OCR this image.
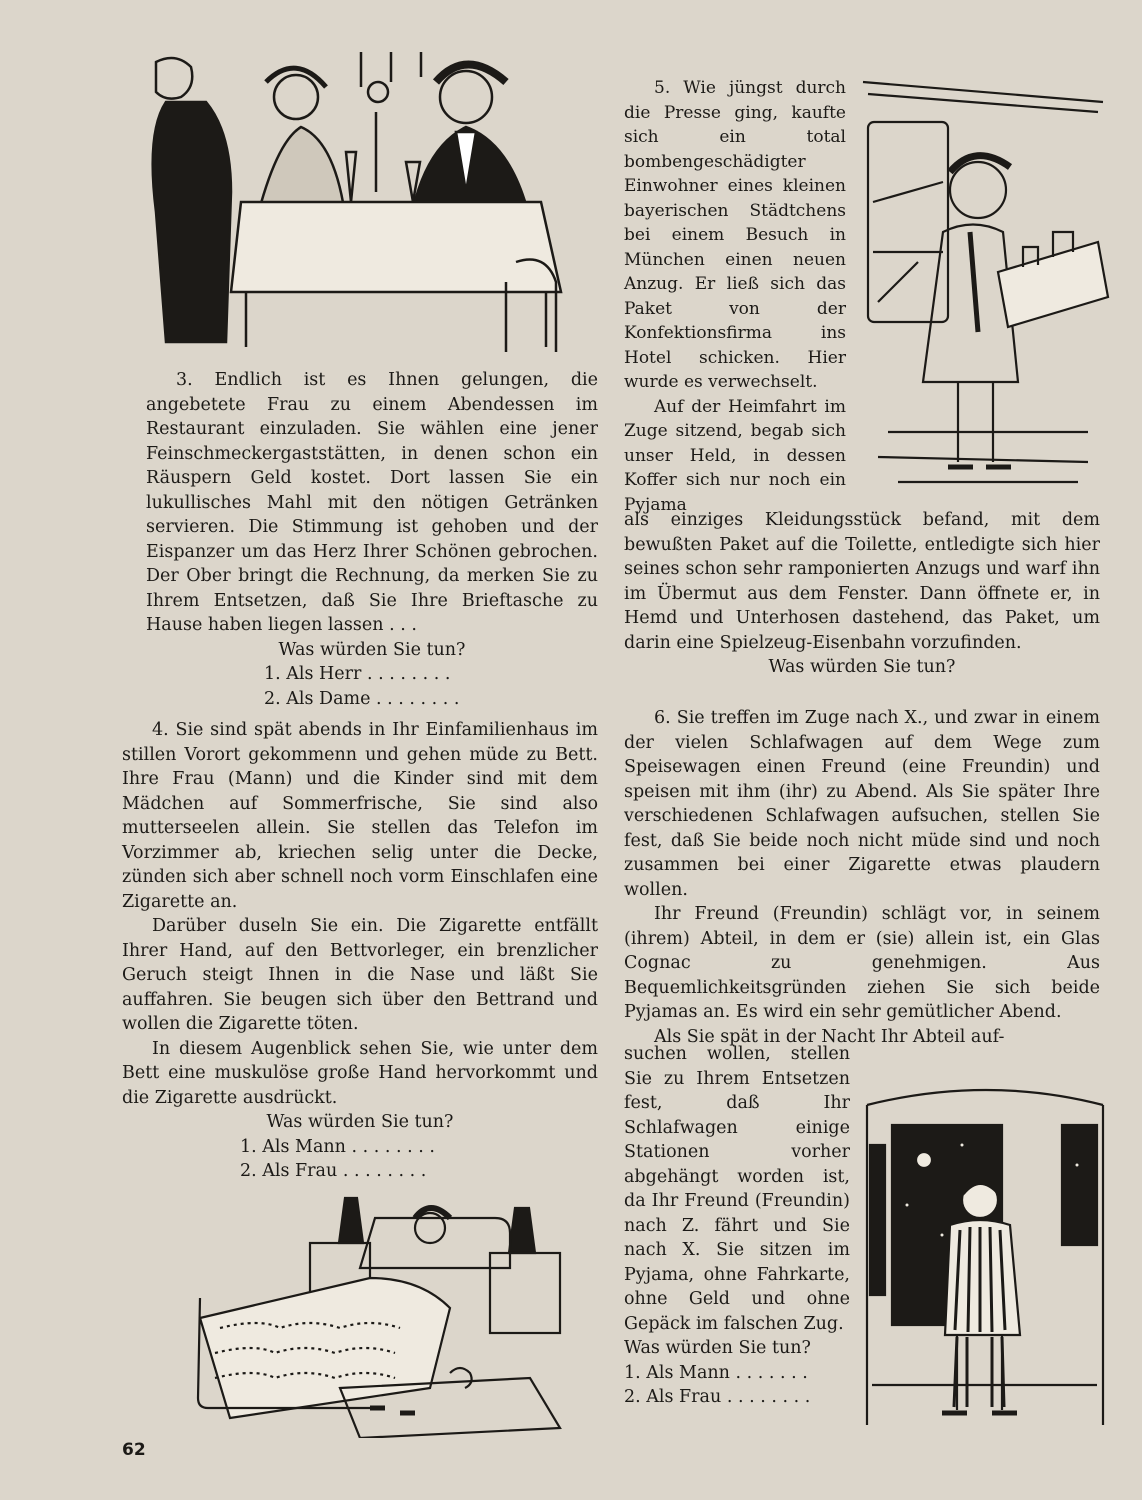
3. Endlich ist es Ihnen gelungen, die angebetete Frau zu einem Abendessen im Restaurant einzuladen. Sie wählen eine jener Feinschmeckergaststätten, in denen schon ein Räuspern Geld kostet. Dort lassen Sie ein lukullisches Mahl mit den nötigen Getränken servieren. Die Stimmung ist gehoben und der Eispanzer um das Herz Ihrer Schönen gebrochen. Der Ober bringt die Rechnung, da merken Sie zu Ihrem Entsetzen, daß Sie Ihre Brieftasche zu Hause haben liegen lassen . . .

Was würden Sie tun?

1. Als Herr . . . . . . . .

2. Als Dame . . . . . . . .

4. Sie sind spät abends in Ihr Einfamilienhaus im stillen Vorort gekommenn und gehen müde zu Bett. Ihre Frau (Mann) und die Kinder sind mit dem Mädchen auf Sommerfrische, Sie sind also mutterseelen allein. Sie stellen das Telefon im Vorzimmer ab, kriechen selig unter die Decke, zünden sich aber schnell noch vorm Einschlafen eine Zigarette an.

Darüber duseln Sie ein. Die Zigarette entfällt Ihrer Hand, auf den Bettvorleger, ein brenzlicher Geruch steigt Ihnen in die Nase und läßt Sie auffahren. Sie beugen sich über den Bettrand und wollen die Zigarette töten.

In diesem Augenblick sehen Sie, wie unter dem Bett eine muskulöse große Hand hervorkommt und die Zigarette ausdrückt.

Was würden Sie tun?

1. Als Mann . . . . . . . .

2. Als Frau . . . . . . . .

5. Wie jüngst durch die Presse ging, kaufte sich ein total bombengeschädigter Einwohner eines kleinen bayerischen Städtchens bei einem Besuch in München einen neuen Anzug. Er ließ sich das Paket von der Konfektionsfirma ins Hotel schicken. Hier wurde es verwechselt.

Auf der Heimfahrt im Zuge sitzend, begab sich unser Held, in dessen Koffer sich nur noch ein Pyjama

als einziges Kleidungsstück befand, mit dem bewußten Paket auf die Toilette, entledigte sich hier seines schon sehr ramponierten Anzugs und warf ihn im Übermut aus dem Fenster. Dann öffnete er, in Hemd und Unterhosen dastehend, das Paket, um darin eine Spielzeug-Eisenbahn vorzufinden.

Was würden Sie tun?

6. Sie treffen im Zuge nach X., und zwar in einem der vielen Schlafwagen auf dem Wege zum Speisewagen einen Freund (eine Freundin) und speisen mit ihm (ihr) zu Abend. Als Sie später Ihre verschiedenen Schlafwagen aufsuchen, stellen Sie fest, daß Sie beide noch nicht müde sind und noch zusammen bei einer Zigarette etwas plaudern wollen.

Ihr Freund (Freundin) schlägt vor, in seinem (ihrem) Abteil, in dem er (sie) allein ist, ein Glas Cognac zu genehmigen. Aus Bequemlichkeitsgründen ziehen Sie sich beide Pyjamas an. Es wird ein sehr gemütlicher Abend.

Als Sie spät in der Nacht Ihr Abteil auf-

suchen wollen, stellen Sie zu Ihrem Entsetzen fest, daß Ihr Schlafwagen einige Stationen vorher abgehängt worden ist, da Ihr Freund (Freundin) nach Z. fährt und Sie nach X. Sie sitzen im Pyjama, ohne Fahrkarte, ohne Geld und ohne Gepäck im falschen Zug.

Was würden Sie tun?

1. Als Mann . . . . . . .

2. Als Frau . . . . . . . .

62
